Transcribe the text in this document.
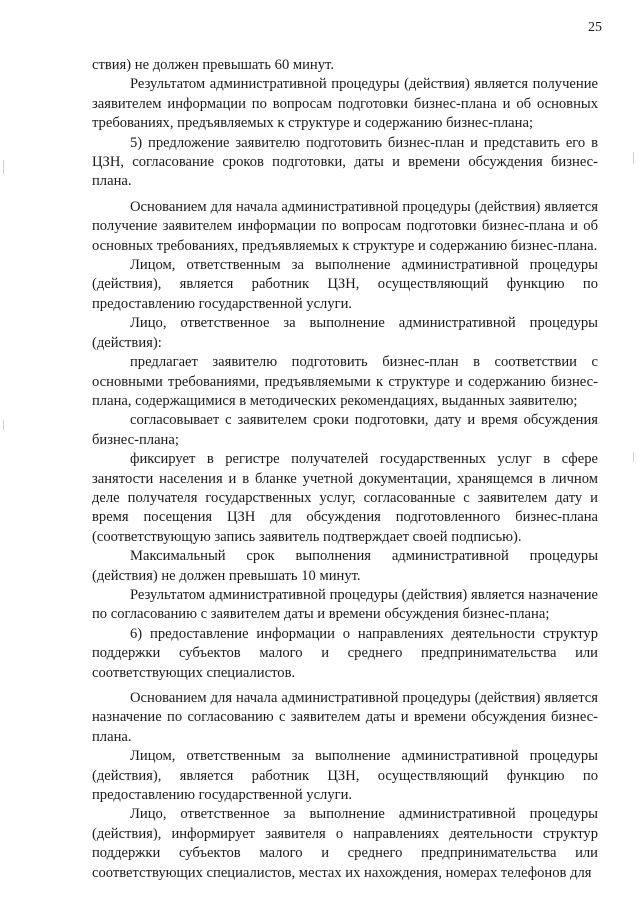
25

ствия) не должен превышать 60 минут.

Результатом административной процедуры (действия) является получение заявителем информации по вопросам подготовки бизнес-плана и об основных требованиях, предъявляемых к структуре и содержанию бизнес-плана;

5) предложение заявителю подготовить бизнес-план и представить его в ЦЗН, согласование сроков подготовки, даты и времени обсуждения бизнес-плана.

Основанием для начала административной процедуры (действия) является получение заявителем информации по вопросам подготовки бизнес-плана и об основных требованиях, предъявляемых к структуре и содержанию бизнес-плана.

Лицом, ответственным за выполнение административной процедуры (действия), является работник ЦЗН, осуществляющий функцию по предоставлению государственной услуги.

Лицо, ответственное за выполнение административной процедуры (действия):

предлагает заявителю подготовить бизнес-план в соответствии с основными требованиями, предъявляемыми к структуре и содержанию бизнес-плана, содержащимися в методических рекомендациях, выданных заявителю;

согласовывает с заявителем сроки подготовки, дату и время обсуждения бизнес-плана;

фиксирует в регистре получателей государственных услуг в сфере занятости населения и в бланке учетной документации, хранящемся в личном деле получателя государственных услуг, согласованные с заявителем дату и время посещения ЦЗН для обсуждения подготовленного бизнес-плана (соответствующую запись заявитель подтверждает своей подписью).

Максимальный срок выполнения административной процедуры (действия) не должен превышать 10 минут.

Результатом административной процедуры (действия) является назначение по согласованию с заявителем даты и времени обсуждения бизнес-плана;

6) предоставление информации о направлениях деятельности структур поддержки субъектов малого и среднего предпринимательства или соответствующих специалистов.

Основанием для начала административной процедуры (действия) является назначение по согласованию с заявителем даты и времени обсуждения бизнес-плана.

Лицом, ответственным за выполнение административной процедуры (действия), является работник ЦЗН, осуществляющий функцию по предоставлению государственной услуги.

Лицо, ответственное за выполнение административной процедуры (действия), информирует заявителя о направлениях деятельности структур поддержки субъектов малого и среднего предпринимательства или соответствующих специалистов, местах их нахождения, номерах телефонов для
